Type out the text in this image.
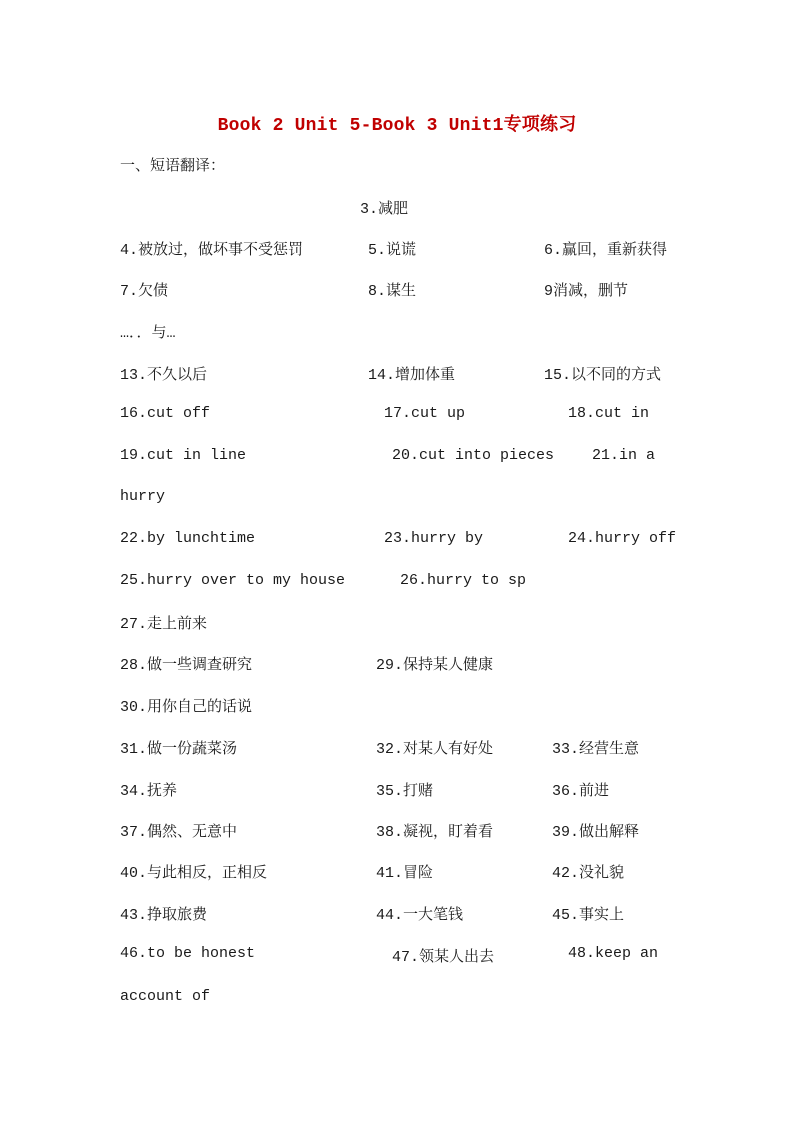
Book 2 Unit 5-Book 3 Unit1专项练习
一、短语翻译：
3.减肥
4.被放过，做坏事不受惩罚	5.说谎	6.赢回，重新获得
7.欠债	8.谋生	9消减，删节
…．．与…
13.不久以后	14.增加体重	15.以不同的方式
16.cut off	17.cut up	18.cut in
19.cut in line	20.cut into pieces	21.in a
hurry
22.by lunchtime	23.hurry by	24.hurry off
25.hurry over to my house	26.hurry to sp
27.走上前来
28.做一些调查研究	29.保持某人健康
30.用你自己的话说
31.做一份蔬菜汤	32.对某人有好处	33.经营生意
34.抚养	35.打赌	36.前进
37.偶然、无意中	38.凝视，盯着看	39.做出解释
40.与此相反，正相反	41.冒险	42.没礼貌
43.挣取旅费	44.一大笔钱	45.事实上
46.to be honest	47.领某人出去	48.keep an
account of
